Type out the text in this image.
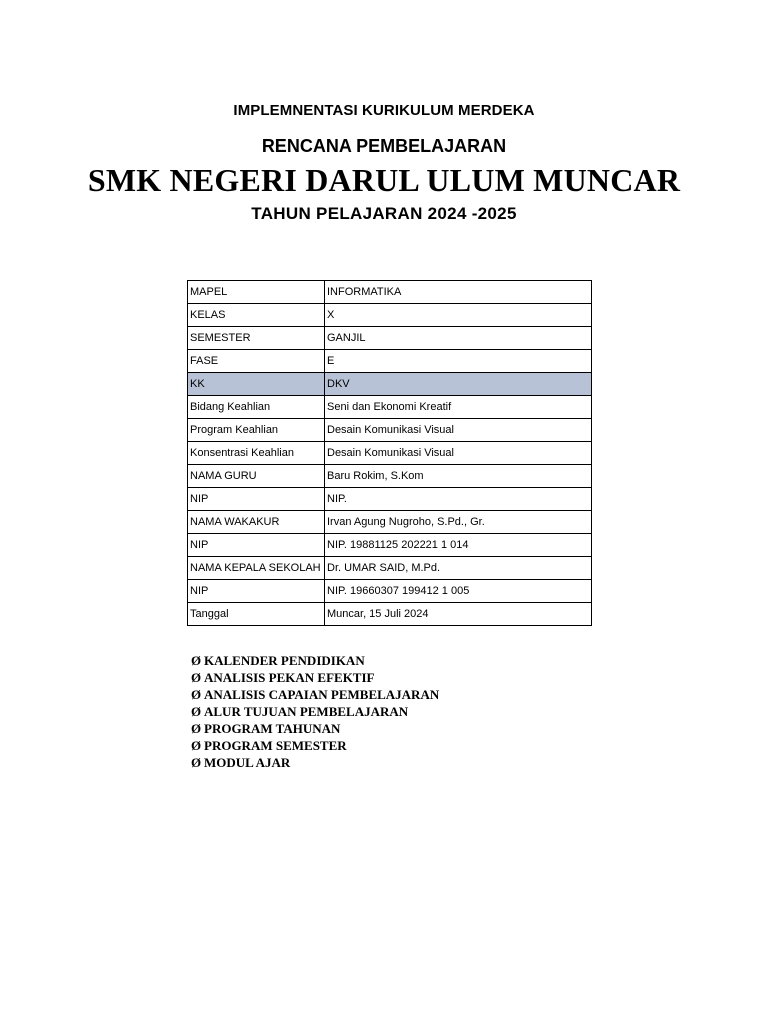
IMPLEMNENTASI KURIKULUM MERDEKA
RENCANA PEMBELAJARAN
SMK NEGERI DARUL ULUM MUNCAR
TAHUN PELAJARAN 2024 -2025
MAPEL	INFORMATIKA
KELAS	X
SEMESTER	GANJIL
FASE	E
KK	DKV
Bidang Keahlian	Seni dan Ekonomi Kreatif
Program Keahlian	Desain Komunikasi Visual
Konsentrasi Keahlian	Desain Komunikasi Visual
NAMA GURU	Baru Rokim, S.Kom
NIP	NIP.
NAMA WAKAKUR	Irvan Agung Nugroho, S.Pd., Gr.
NIP	NIP. 19881125 202221 1 014
NAMA KEPALA SEKOLAH	Dr. UMAR SAID, M.Pd.
NIP	NIP. 19660307 199412 1 005
Tanggal	Muncar, 15 Juli 2024
Ø KALENDER PENDIDIKAN
Ø ANALISIS PEKAN EFEKTIF
Ø ANALISIS CAPAIAN PEMBELAJARAN
Ø ALUR TUJUAN PEMBELAJARAN
Ø PROGRAM TAHUNAN
Ø PROGRAM SEMESTER
Ø MODUL AJAR
